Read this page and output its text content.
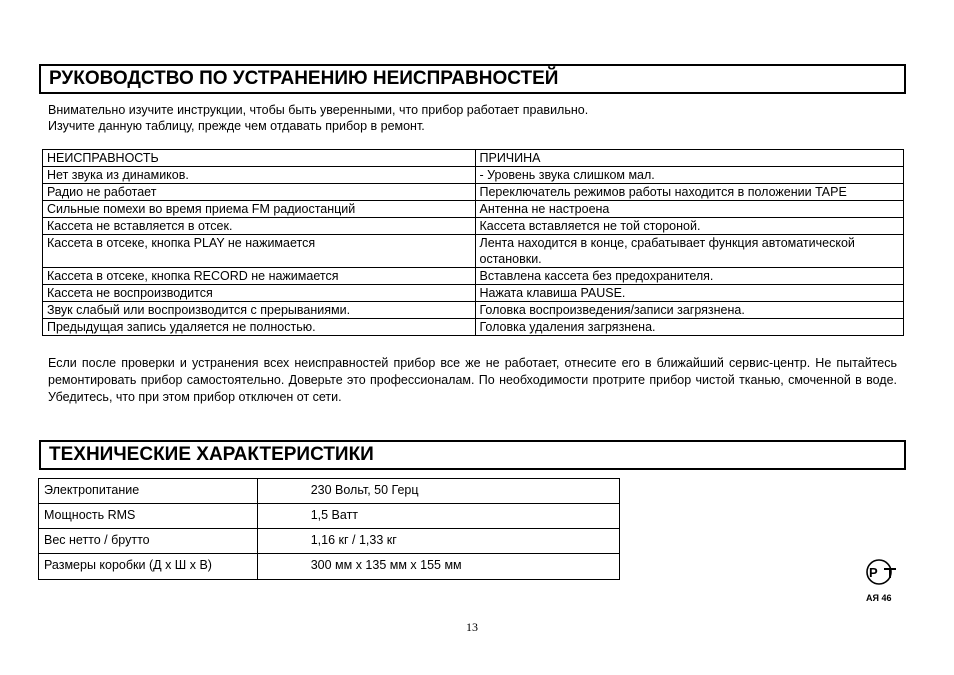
РУКОВОДСТВО ПО УСТРАНЕНИЮ НЕИСПРАВНОСТЕЙ
Внимательно изучите инструкции, чтобы быть уверенными, что прибор работает правильно.
Изучите данную таблицу, прежде чем отдавать прибор в ремонт.
НЕИСПРАВНОСТЬ	ПРИЧИНА
Нет звука из динамиков.	- Уровень звука слишком мал.
Радио не работает	Переключатель режимов работы находится в положении TAPE
Сильные помехи во время приема FM радиостанций	Антенна не настроена
Кассета не вставляется в отсек.	Кассета вставляется не той стороной.
Кассета в отсеке, кнопка PLAY не нажимается	Лента находится в конце, срабатывает функция автоматической остановки.
Кассета в отсеке, кнопка RECORD не нажимается	Вставлена кассета без предохранителя.
Кассета не воспроизводится	Нажата клавиша PAUSE.
Звук слабый или воспроизводится с прерываниями.	Головка воспроизведения/записи загрязнена.
Предыдущая запись удаляется не полностью.	Головка удаления загрязнена.
Если после проверки и устранения всех неисправностей прибор все же не работает, отнесите его в ближайший сервис-центр. Не пытайтесь ремонтировать прибор самостоятельно. Доверьте это профессионалам. По необходимости протрите прибор чистой тканью, смоченной в воде. Убедитесь, что при этом прибор отключен от сети.
ТЕХНИЧЕСКИЕ ХАРАКТЕРИСТИКИ
Электропитание	230 Вольт, 50 Герц
Мощность RMS	1,5 Ватт
Вес нетто / брутто	1,16 кг / 1,33 кг
Размеры коробки (Д х Ш х В)	300 мм х 135 мм х 155 мм	Р
АЯ 46
13
